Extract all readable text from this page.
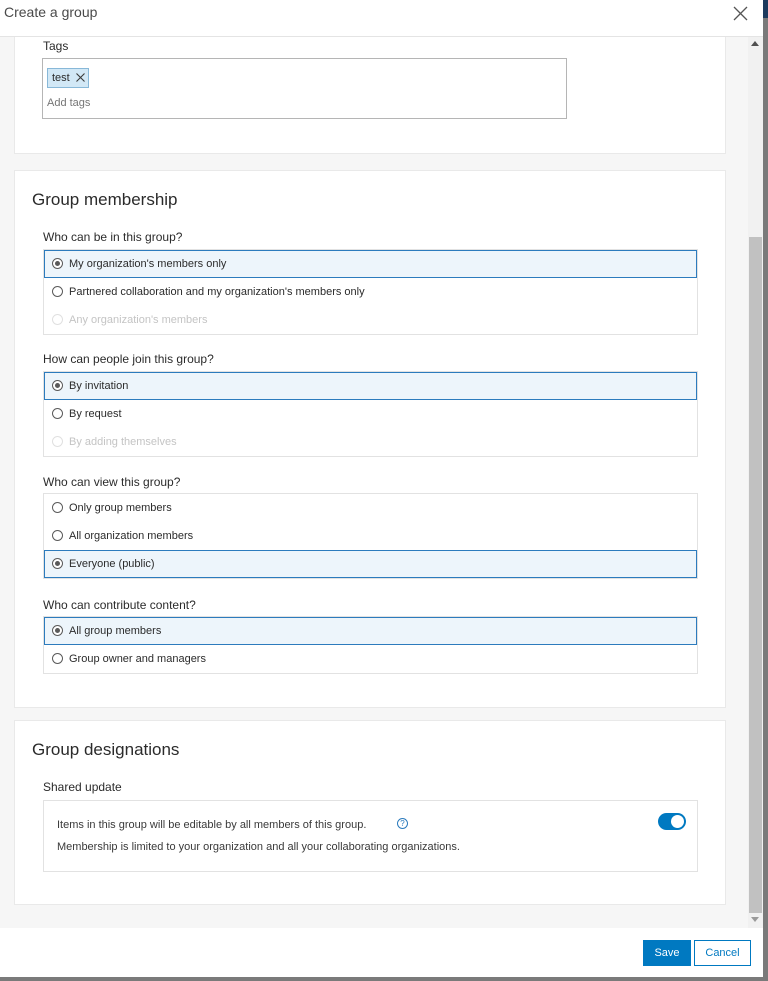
Create a group
Tags
test
Add tags
Group membership
Who can be in this group?
My organization's members only
Partnered collaboration and my organization's members only
Any organization's members
How can people join this group?
By invitation
By request
By adding themselves
Who can view this group?
Only group members
All organization members
Everyone (public)
Who can contribute content?
All group members
Group owner and managers
Group designations
Shared update
Items in this group will be editable by all members of this group.	?
Membership is limited to your organization and all your collaborating organizations.
Save	Cancel
